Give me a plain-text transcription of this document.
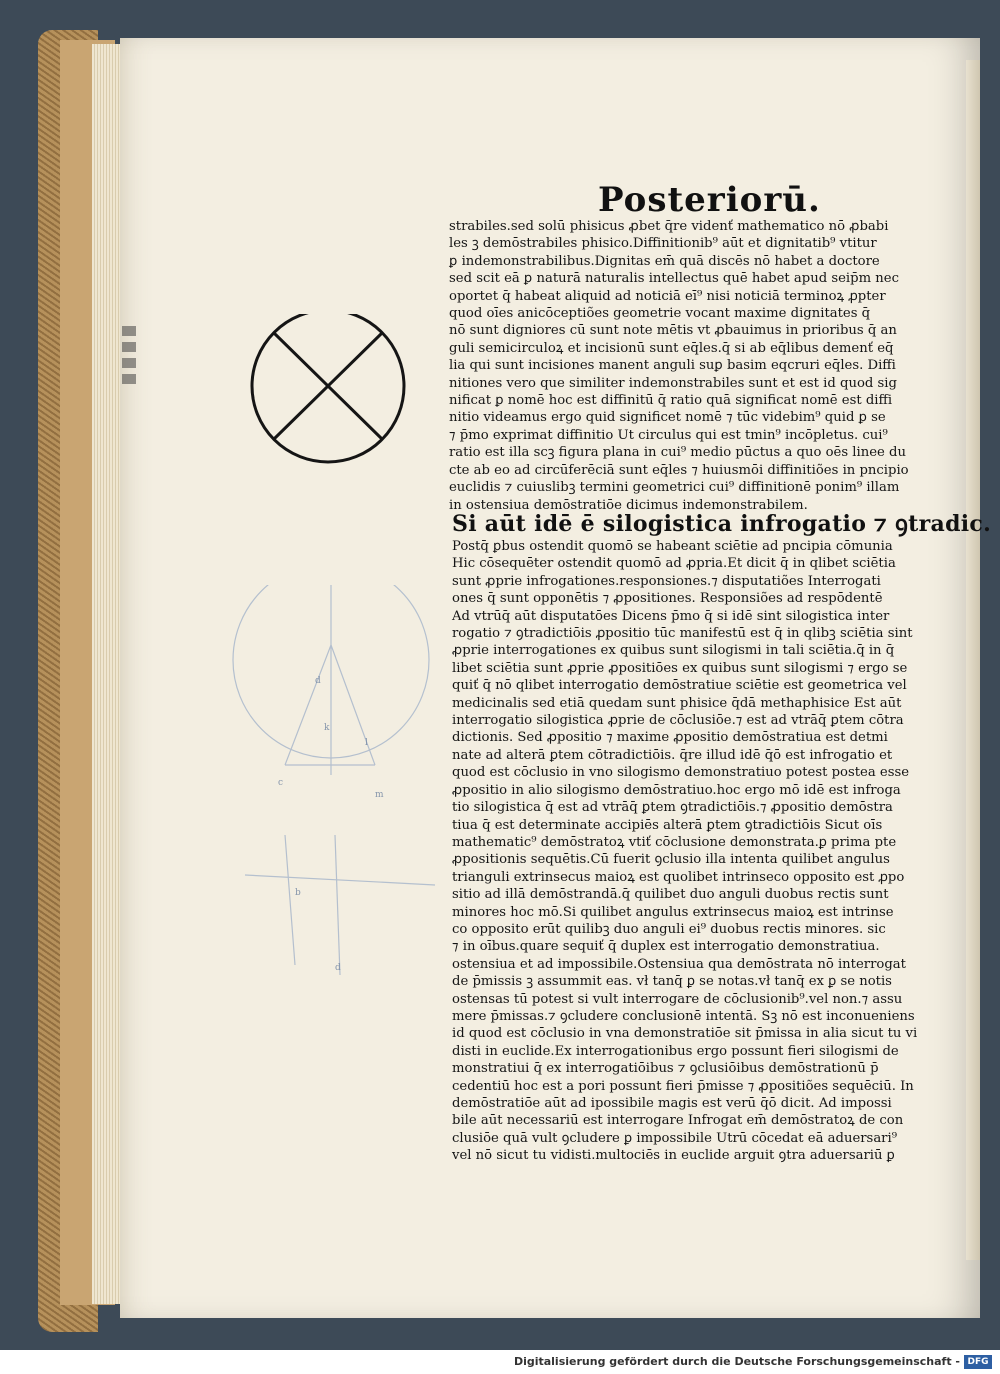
Posteriorū.
d
k
l
m
c
b
d
strabiles.sed solū phisicus ꝓbet q̄re videnť mathematico nō ꝓbabi
les ꝫ demōstrabiles phisico.Diffinitionib⁹ aūt et dignitatib⁹ vtitur
ꝑ indemonstrabilibus.Dignitas em̄ quā discēs nō habet a doctore
sed scit eā ꝑ naturā naturalis intellectus quē habet apud seip̄m nec
oportet q̄ habeat aliquid ad noticiā eī⁹ nisi noticiā terminoꝝ ꝓpter
quod oīes anicōceptiões geometrie vocant maxime dignitates q̄
nō sunt digniores cū sunt note mētis vt ꝓbauimus in prioribus q̄ an
guli semicirculoꝝ et incisionū sunt eq̄les.q̄ si ab eq̄libus demenť eq̄
lia qui sunt incisiones manent anguli suꝑ basim eqcruri eq̄les. Diffi
nitiones vero que similiter indemonstrabiles sunt et est id quod sig
nificat ꝑ nomē hoc est diffinitū q̄ ratio quā significat nomē est diffi
nitio videamus ergo quid significet nomē ⁊ tūc videbim⁹ quid ꝑ se
⁊ p̄mo exprimat diffinitio Ut circulus qui est tmin⁹ incōpletus. cui⁹
ratio est illa scꝫ figura plana in cui⁹ medio pūctus a quo oēs linee du
cte ab eo ad circūferēciā sunt eq̄les ⁊ huiusmōi diffinitiões in pncipio
euclidis ⁊ cuiuslibꝫ termini geometrici cui⁹ diffinitionē ponim⁹ illam
in ostensiua demōstratiōe dicimus indemonstrabilem.
Si aūt idē ē silogistica infrogatio ⁊ ꝯtradic.
Postq̄ ꝑbus ostendit quomō se habeant sciētie ad pncipia cōmunia
Hic cōsequēter ostendit quomō ad ꝓpria.Et dicit q̄ in qlibet sciētia
sunt ꝓprie infrogationes.responsiones.⁊ disputatiões Interrogati
ones q̄ sunt opponētis ⁊ ꝓpositiones. Responsiões ad respōdentē
Ad vtrūq̄ aūt disputatōes Dicens p̄mo q̄ si idē sint silogistica inter
rogatio ⁊ ꝯtradictiōis ꝓpositio tūc manifestū est q̄ in qlibꝫ sciētia sint
ꝓprie interrogationes ex quibus sunt silogismi in tali sciētia.q̄ in q̄
libet sciētia sunt ꝓprie ꝓpositiōes ex quibus sunt silogismi ⁊ ergo se
quiť q̄ nō qlibet interrogatio demōstratiue sciētie est geometrica vel
medicinalis sed etiā quedam sunt phisice q̄dā methaphisice Est aūt
interrogatio silogistica ꝓprie de cōclusiōe.⁊ est ad vtrāq̄ ꝑtem cōtra
dictionis. Sed ꝓpositio ⁊ maxime ꝓpositio demōstratiua est detmi
nate ad alterā ꝑtem cōtradictiōis. q̄re illud idē q̄ō est infrogatio et
quod est cōclusio in vno silogismo demonstratiuo potest postea esse
ꝓpositio in alio silogismo demōstratiuo.hoc ergo mō idē est infroga
tio silogistica q̄ est ad vtrāq̄ ꝑtem ꝯtradictiōis.⁊ ꝓpositio demōstra
tiua q̄ est determinate accipiēs alterā ꝑtem ꝯtradictiōis Sicut oīs
mathematic⁹ demōstratoꝝ vtiť cōclusione demonstrata.ꝑ prima pte
ꝓpositionis sequētis.Cū fuerit ꝯclusio illa intenta quilibet angulus
trianguli extrinsecus maioꝝ est quolibet intrinseco opposito est ꝓpo
sitio ad illā demōstrandā.q̄ quilibet duo anguli duobus rectis sunt
minores hoc mō.Si quilibet angulus extrinsecus maioꝝ est intrinse
co opposito erūt quilibꝫ duo anguli ei⁹ duobus rectis minores. sic
⁊ in oībus.quare sequiť q̄ duplex est interrogatio demonstratiua.
ostensiua et ad impossibile.Ostensiua qua demōstrata nō interrogat
de p̄missis ꝫ assummit eas. vł tanq̄ ꝑ se notas.vł tanq̄ ex ꝑ se notis
ostensas tū potest si vult interrogare de cōclusionib⁹.vel non.⁊ assu
mere p̄missas.⁊ ꝯcludere conclusionē intentā. Sꝫ nō est inconueniens
id quod est cōclusio in vna demonstratiōe sit p̄missa in alia sicut tu vi
disti in euclide.Ex interrogationibus ergo possunt fieri silogismi de
monstratiui q̄ ex interrogatiōibus ⁊ ꝯclusiōibus demōstrationū p̄
cedentiū hoc est a pori possunt fieri p̄misse ⁊ ꝓpositiões sequēciū. In
demōstratiōe aūt ad ipossibile magis est verū q̄ō dicit. Ad impossi
bile aūt necessariū est interrogare Infrogat em̄ demōstratoꝝ de con
clusiōe quā vult ꝯcludere ꝑ impossibile Utrū cōcedat eā aduersari⁹
vel nō sicut tu vidisti.multociēs in euclide arguit ꝯtra aduersariū ꝑ
Digitalisierung gefördert durch die Deutsche Forschungsgemeinschaft - DFG
